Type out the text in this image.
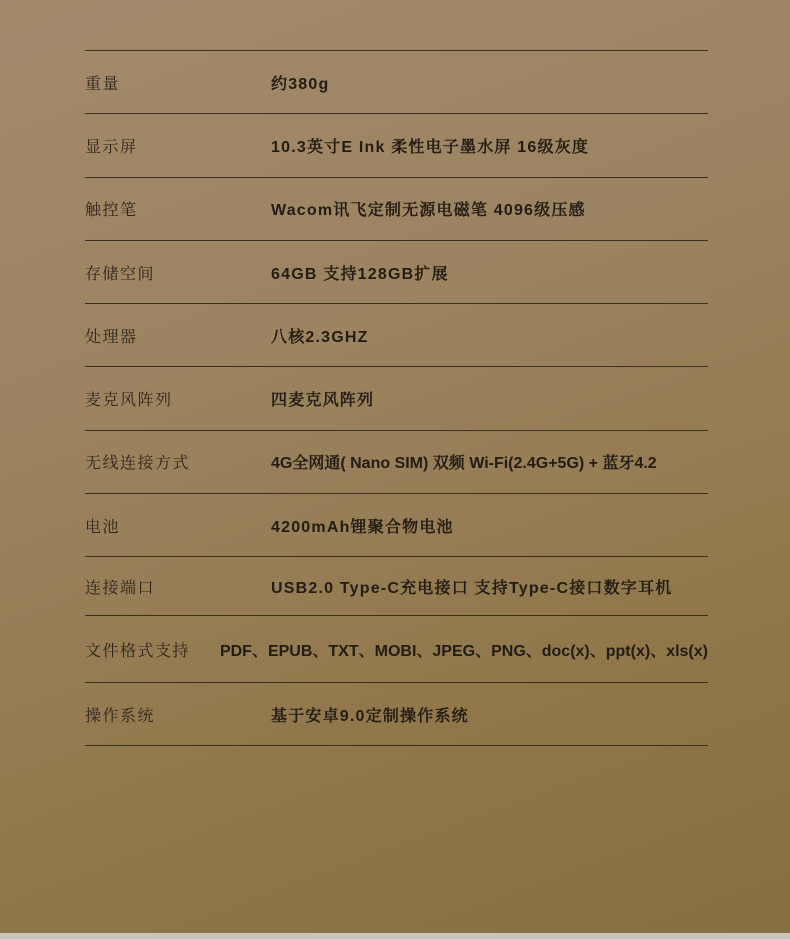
重量	约380g
显示屏	10.3英寸E Ink 柔性电子墨水屏 16级灰度
触控笔	Wacom讯飞定制无源电磁笔 4096级压感
存储空间	64GB 支持128GB扩展
处理器	八核2.3GHZ
麦克风阵列	四麦克风阵列
无线连接方式	4G全网通( Nano SIM) 双频 Wi-Fi(2.4G+5G) + 蓝牙4.2
电池	4200mAh锂聚合物电池
连接端口	USB2.0 Type-C充电接口 支持Type-C接口数字耳机
文件格式支持	PDF、EPUB、TXT、MOBI、JPEG、PNG、doc(x)、ppt(x)、xls(x)
操作系统	基于安卓9.0定制操作系统
